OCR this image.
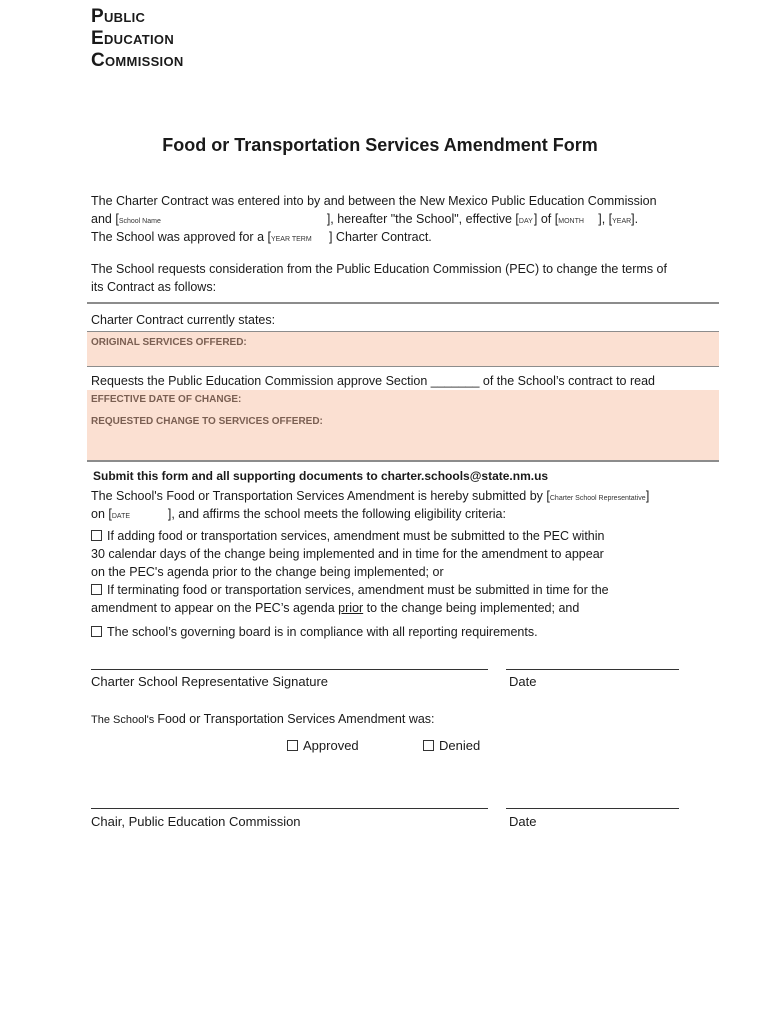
Public
Education
Commission
Food or Transportation Services Amendment Form
The Charter Contract was entered into by and between the New Mexico Public Education Commission
and [School Name	], hereafter "the School", effective [DAY] of [MONTH ], [YEAR].
The School was approved for a [YEAR TERM ] Charter Contract.
The School requests consideration from the Public Education Commission (PEC) to change the terms of
its Contract as follows:
Charter Contract currently states:
ORIGINAL SERVICES OFFERED:
Requests the Public Education Commission approve Section _______ of the School’s contract to read
EFFECTIVE DATE OF CHANGE:
REQUESTED CHANGE TO SERVICES OFFERED:
Submit this form and all supporting documents to charter.schools@state.nm.us
The School's Food or Transportation Services Amendment is hereby submitted by [Charter School Representative]
on [DATE	], and affirms the school meets the following eligibility criteria:
If adding food or transportation services, amendment must be submitted to the PEC within
30 calendar days of the change being implemented and in time for the amendment to appear
on the PEC's agenda prior to the change being implemented; or
If terminating food or transportation services, amendment must be submitted in time for the
amendment to appear on the PEC’s agenda prior to the change being implemented; and
The school’s governing board is in compliance with all reporting requirements.
Charter School Representative Signature	Date
The School's Food or Transportation Services Amendment was:
Approved	Denied
Chair, Public Education Commission	Date
